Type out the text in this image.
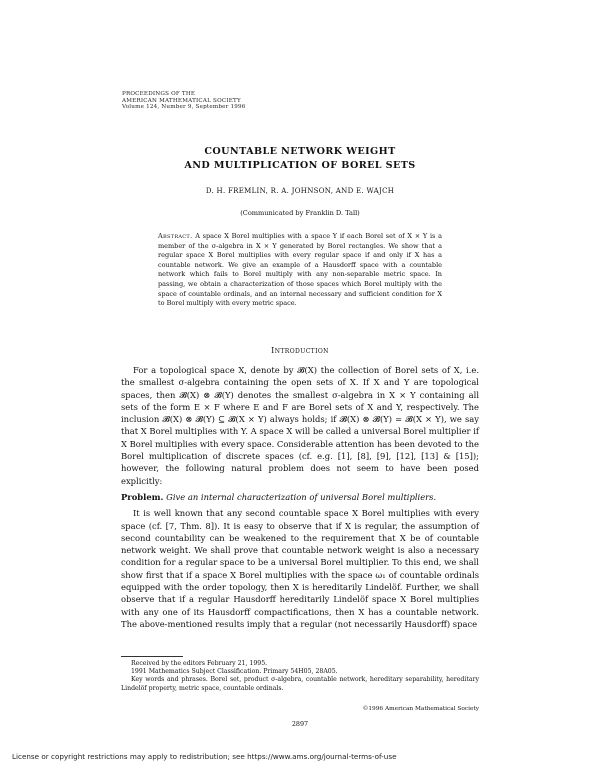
PROCEEDINGS OF THE
AMERICAN MATHEMATICAL SOCIETY
Volume 124, Number 9, September 1996
COUNTABLE NETWORK WEIGHT
AND MULTIPLICATION OF BOREL SETS
D. H. FREMLIN, R. A. JOHNSON, AND E. WAJCH
(Communicated by Franklin D. Tall)
Abstract. A space X Borel multiplies with a space Y if each Borel set of X × Y is a member of the σ-algebra in X × Y generated by Borel rectangles. We show that a regular space X Borel multiplies with every regular space if and only if X has a countable network. We give an example of a Hausdorff space with a countable network which fails to Borel multiply with any non-separable metric space. In passing, we obtain a characterization of those spaces which Borel multiply with the space of countable ordinals, and an internal necessary and sufficient condition for X to Borel multiply with every metric space.
Introduction

For a topological space X, denote by 𝓑(X) the collection of Borel sets of X, i.e. the smallest σ-algebra containing the open sets of X. If X and Y are topological spaces, then 𝓑(X) ⊗ 𝓑(Y) denotes the smallest σ-algebra in X × Y containing all sets of the form E × F where E and F are Borel sets of X and Y, respectively. The inclusion 𝓑(X) ⊗ 𝓑(Y) ⊆ 𝓑(X × Y) always holds; if 𝓑(X) ⊗ 𝓑(Y) = 𝓑(X × Y), we say that X Borel multiplies with Y. A space X will be called a universal Borel multiplier if X Borel multiplies with every space. Considerable attention has been devoted to the Borel multiplication of discrete spaces (cf. e.g. [1], [8], [9], [12], [13] & [15]); however, the following natural problem does not seem to have been posed explicitly:

Problem. Give an internal characterization of universal Borel multipliers.

It is well known that any second countable space X Borel multiplies with every space (cf. [7, Thm. 8]). It is easy to observe that if X is regular, the assumption of second countability can be weakened to the requirement that X be of countable network weight. We shall prove that countable network weight is also a necessary condition for a regular space to be a universal Borel multiplier. To this end, we shall show first that if a space X Borel multiplies with the space ω₁ of countable ordinals equipped with the order topology, then X is hereditarily Lindelöf. Further, we shall observe that if a regular Hausdorff hereditarily Lindelöf space X Borel multiplies with any one of its Hausdorff compactifications, then X has a countable network. The above-mentioned results imply that a regular (not necessarily Hausdorff) space

Received by the editors February 21, 1995.
1991 Mathematics Subject Classification. Primary 54H05, 28A05.
Key words and phrases. Borel set, product σ-algebra, countable network, hereditary separability, hereditary Lindelöf property, metric space, countable ordinals.
©1996 American Mathematical Society
2897
License or copyright restrictions may apply to redistribution; see https://www.ams.org/journal-terms-of-use
